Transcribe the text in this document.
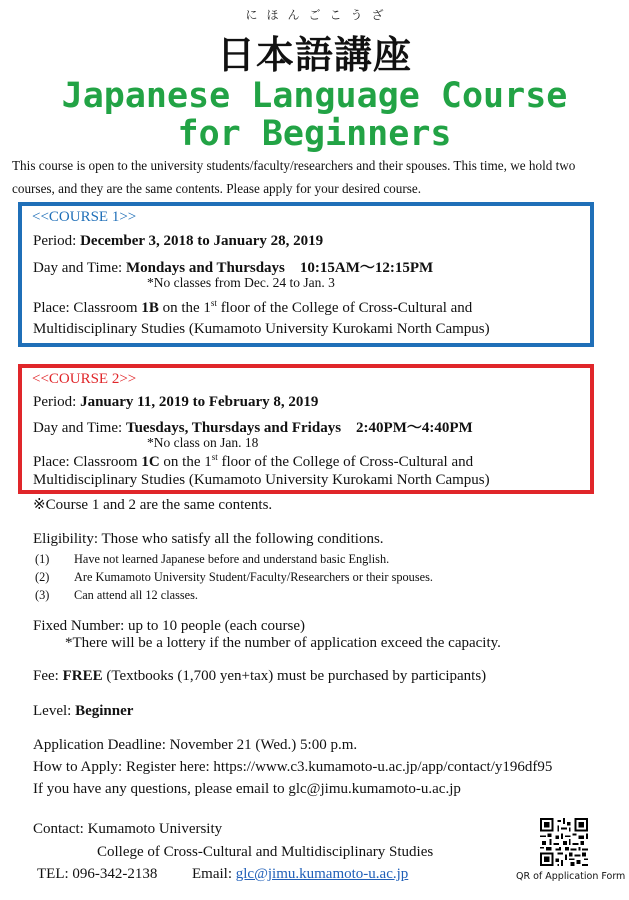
にほんごこうざ
日本語講座
Japanese Language Course
for Beginners
This course is open to the university students/faculty/researchers and their spouses. This time, we hold two courses, and they are the same contents. Please apply for your desired course.
<<COURSE 1>>
Period: December 3, 2018 to January 28, 2019
Day and Time: Mondays and Thursdays 10:15AM〜12:15PM
*No classes from Dec. 24 to Jan. 3
Place: Classroom 1B on the 1st floor of the College of Cross-Cultural and
Multidisciplinary Studies (Kumamoto University Kurokami North Campus)
<<COURSE 2>>
Period: January 11, 2019 to February 8, 2019
Day and Time: Tuesdays, Thursdays and Fridays 2:40PM〜4:40PM
*No class on Jan. 18
Place: Classroom 1C on the 1st floor of the College of Cross-Cultural and
Multidisciplinary Studies (Kumamoto University Kurokami North Campus)
※Course 1 and 2 are the same contents.
Eligibility: Those who satisfy all the following conditions.
(1) Have not learned Japanese before and understand basic English.
(2) Are Kumamoto University Student/Faculty/Researchers or their spouses.
(3) Can attend all 12 classes.
Fixed Number: up to 10 people (each course)
*There will be a lottery if the number of application exceed the capacity.
Fee: FREE (Textbooks (1,700 yen+tax) must be purchased by participants)
Level: Beginner
Application Deadline: November 21 (Wed.) 5:00 p.m.
How to Apply: Register here: https://www.c3.kumamoto-u.ac.jp/app/contact/y196df95
If you have any questions, please email to glc@jimu.kumamoto-u.ac.jp
Contact: Kumamoto University
College of Cross-Cultural and Multidisciplinary Studies
TEL: 096-342-2138 Email: glc@jimu.kumamoto-u.ac.jp	QR of Application Form
